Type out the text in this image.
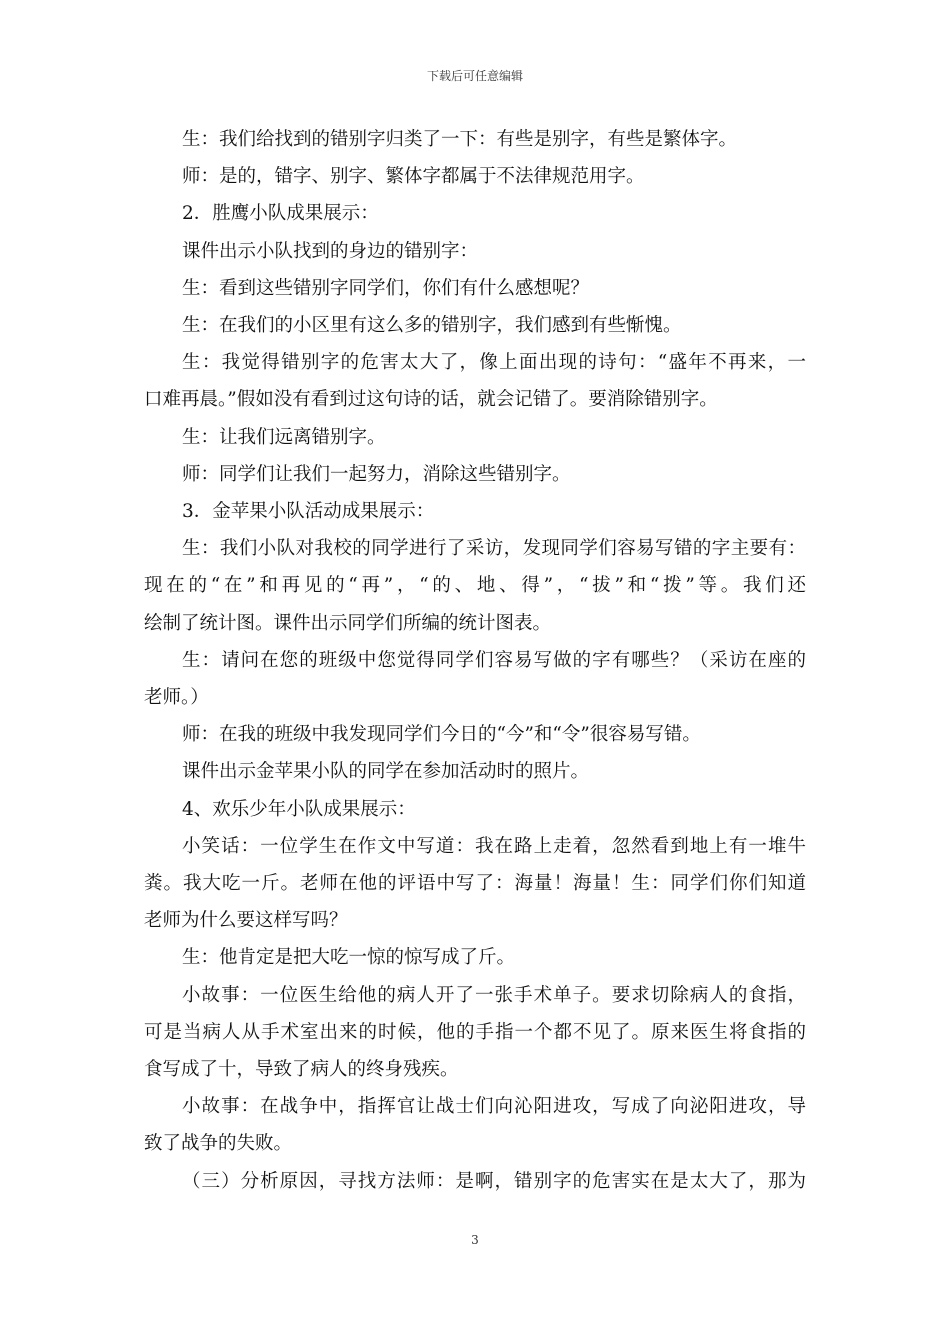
下载后可任意编辑
生：我们给找到的错别字归类了一下：有些是别字，有些是繁体字。
师：是的，错字、别字、繁体字都属于不法律规范用字。
2．胜鹰小队成果展示：
课件出示小队找到的身边的错别字：
生：看到这些错别字同学们，你们有什么感想呢？
生：在我们的小区里有这么多的错别字，我们感到有些惭愧。
生：我觉得错别字的危害太大了，像上面出现的诗句：“盛年不再来，一
口难再晨。”假如没有看到过这句诗的话，就会记错了。要消除错别字。
生：让我们远离错别字。
师：同学们让我们一起努力，消除这些错别字。
3．金苹果小队活动成果展示：
生：我们小队对我校的同学进行了采访，发现同学们容易写错的字主要有：
现在的“在”和再见的“再”，“的、地、得”，“拔”和“拨”等。我们还
绘制了统计图。课件出示同学们所编的统计图表。
生：请问在您的班级中您觉得同学们容易写做的字有哪些？（采访在座的
老师。）
师：在我的班级中我发现同学们今日的“今”和“令”很容易写错。
课件出示金苹果小队的同学在参加活动时的照片。
4、欢乐少年小队成果展示：
小笑话：一位学生在作文中写道：我在路上走着，忽然看到地上有一堆牛
粪。我大吃一斤。老师在他的评语中写了：海量！海量！生：同学们你们知道
老师为什么要这样写吗？
生：他肯定是把大吃一惊的惊写成了斤。
小故事：一位医生给他的病人开了一张手术单子。要求切除病人的食指，
可是当病人从手术室出来的时候，他的手指一个都不见了。原来医生将食指的
食写成了十，导致了病人的终身残疾。
小故事：在战争中，指挥官让战士们向沁阳进攻，写成了向泌阳进攻，导
致了战争的失败。
（三）分析原因，寻找方法师：是啊，错别字的危害实在是太大了，那为
3
